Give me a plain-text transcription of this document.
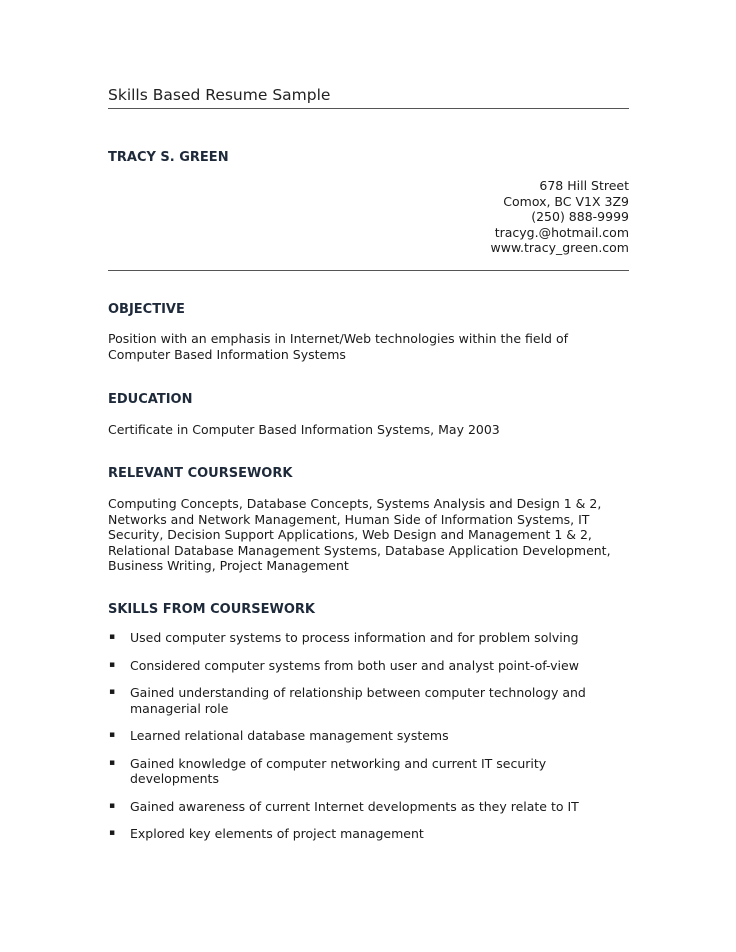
Skills Based Resume Sample
TRACY S. GREEN
678 Hill Street
Comox, BC V1X 3Z9
(250) 888-9999
tracyg.@hotmail.com
www.tracy_green.com
OBJECTIVE
Position with an emphasis in Internet/Web technologies within the field of Computer Based Information Systems
EDUCATION
Certificate in Computer Based Information Systems, May 2003
RELEVANT COURSEWORK
Computing Concepts, Database Concepts, Systems Analysis and Design 1 & 2, Networks and Network Management, Human Side of Information Systems, IT Security, Decision Support Applications, Web Design and Management 1 & 2, Relational Database Management Systems, Database Application Development, Business Writing, Project Management
SKILLS FROM COURSEWORK
▪ Used computer systems to process information and for problem solving
▪ Considered computer systems from both user and analyst point-of-view
▪ Gained understanding of relationship between computer technology and managerial role
▪ Learned relational database management systems
▪ Gained knowledge of computer networking and current IT security developments
▪ Gained awareness of current Internet developments as they relate to IT
▪ Explored key elements of project management
